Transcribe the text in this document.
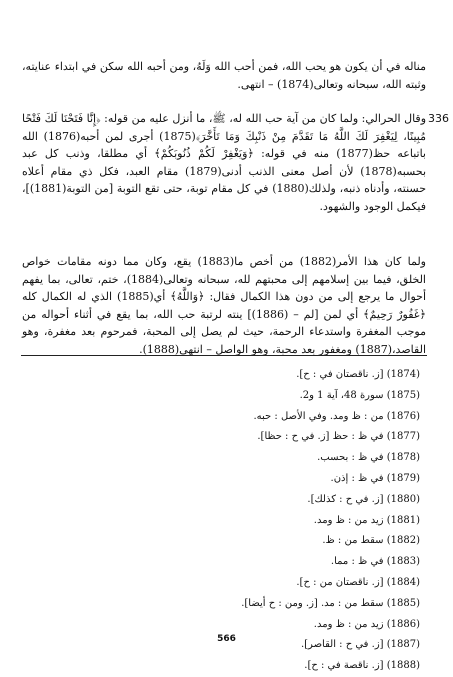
336

مناله في أن يكون هو يحب الله، فمن أحب الله وَلَهُ، ومن أحبه الله سكن في ابتداء عنايته، وثبته الله، سبحانه وتعالى(1874) – انتهى.

وقال الحرالي: ولما كان من آية حب الله له، ﷺ، ما أنزل عليه من قوله: ﴿إِنَّا فَتَحْنَا لَكَ فَتْحًا مُبِينًا، لِيَغْفِرَ لَكَ اللَّهُ مَا تَقَدَّمَ مِنْ ذَنْبِكَ وَمَا تَأَخَّرَ﴾(1875) أجرى لمن أحبه(1876) الله باتباعه حظ(1877) منه في قوله: ﴿وَيَغْفِرْ لَكُمْ ذُنُوبَكُمْ﴾ أي مطلقا، وذنب كل عبد بحسبه(1878) لأن أصل معنى الذنب أدنى(1879) مقام العبد، فكل ذي مقام أعلاه حسنته، وأدناه ذنبه، ولذلك(1880) في كل مقام توبة، حتى تقع التوبة [من التوبة(1881)]، فيكمل الوجود والشهود.

ولما كان هذا الأمر(1882) من أخص ما(1883) يقع، وكان مما دونه مقامات خواص الخلق، فيما بين إسلامهم إلى محبتهم لله، سبحانه وتعالى(1884)، ختم، تعالى، بما يفهم أحوال ما يرجع إلى من دون هذا الكمال فقال: ﴿وَاللَّهُ﴾ أي(1885) الذي له الكمال كله ﴿غَفُورٌ رَحِيمٌ﴾ أي لمن [لم – (1886)] ينته لرتبة حب الله، بما يقع في أثناء أحواله من موجب المغفرة واستدعاء الرحمة، حيث لم يصل إلى المحبة، فمرحوم بعد مغفرة، وهو القاصد،(1887) ومغفور بعد محبة، وهو الواصل – انتهى(1888).

(1874) [ز. ناقصتان في : ح].
(1875) سورة 48، آية 1 و2.
(1876) من : ظ ومد. وفي الأصل : حبه.
(1877) في ظ : حظ [ز. في ح : حظا].
(1878) في ظ : بحسب.
(1879) في ظ : إذن.
(1880) [ز. في ح : كذلك].
(1881) زيد من : ظ ومد.
(1882) سقط من : ظ.
(1883) في ظ : مما.
(1884) [ز. ناقصتان من : ح].
(1885) سقط من : مد. [ز. ومن : ح أيضا].
(1886) زيد من : ظ ومد.
(1887) [ز. في ح : القاصر].
(1888) [ز. ناقصة في : ح].
566
